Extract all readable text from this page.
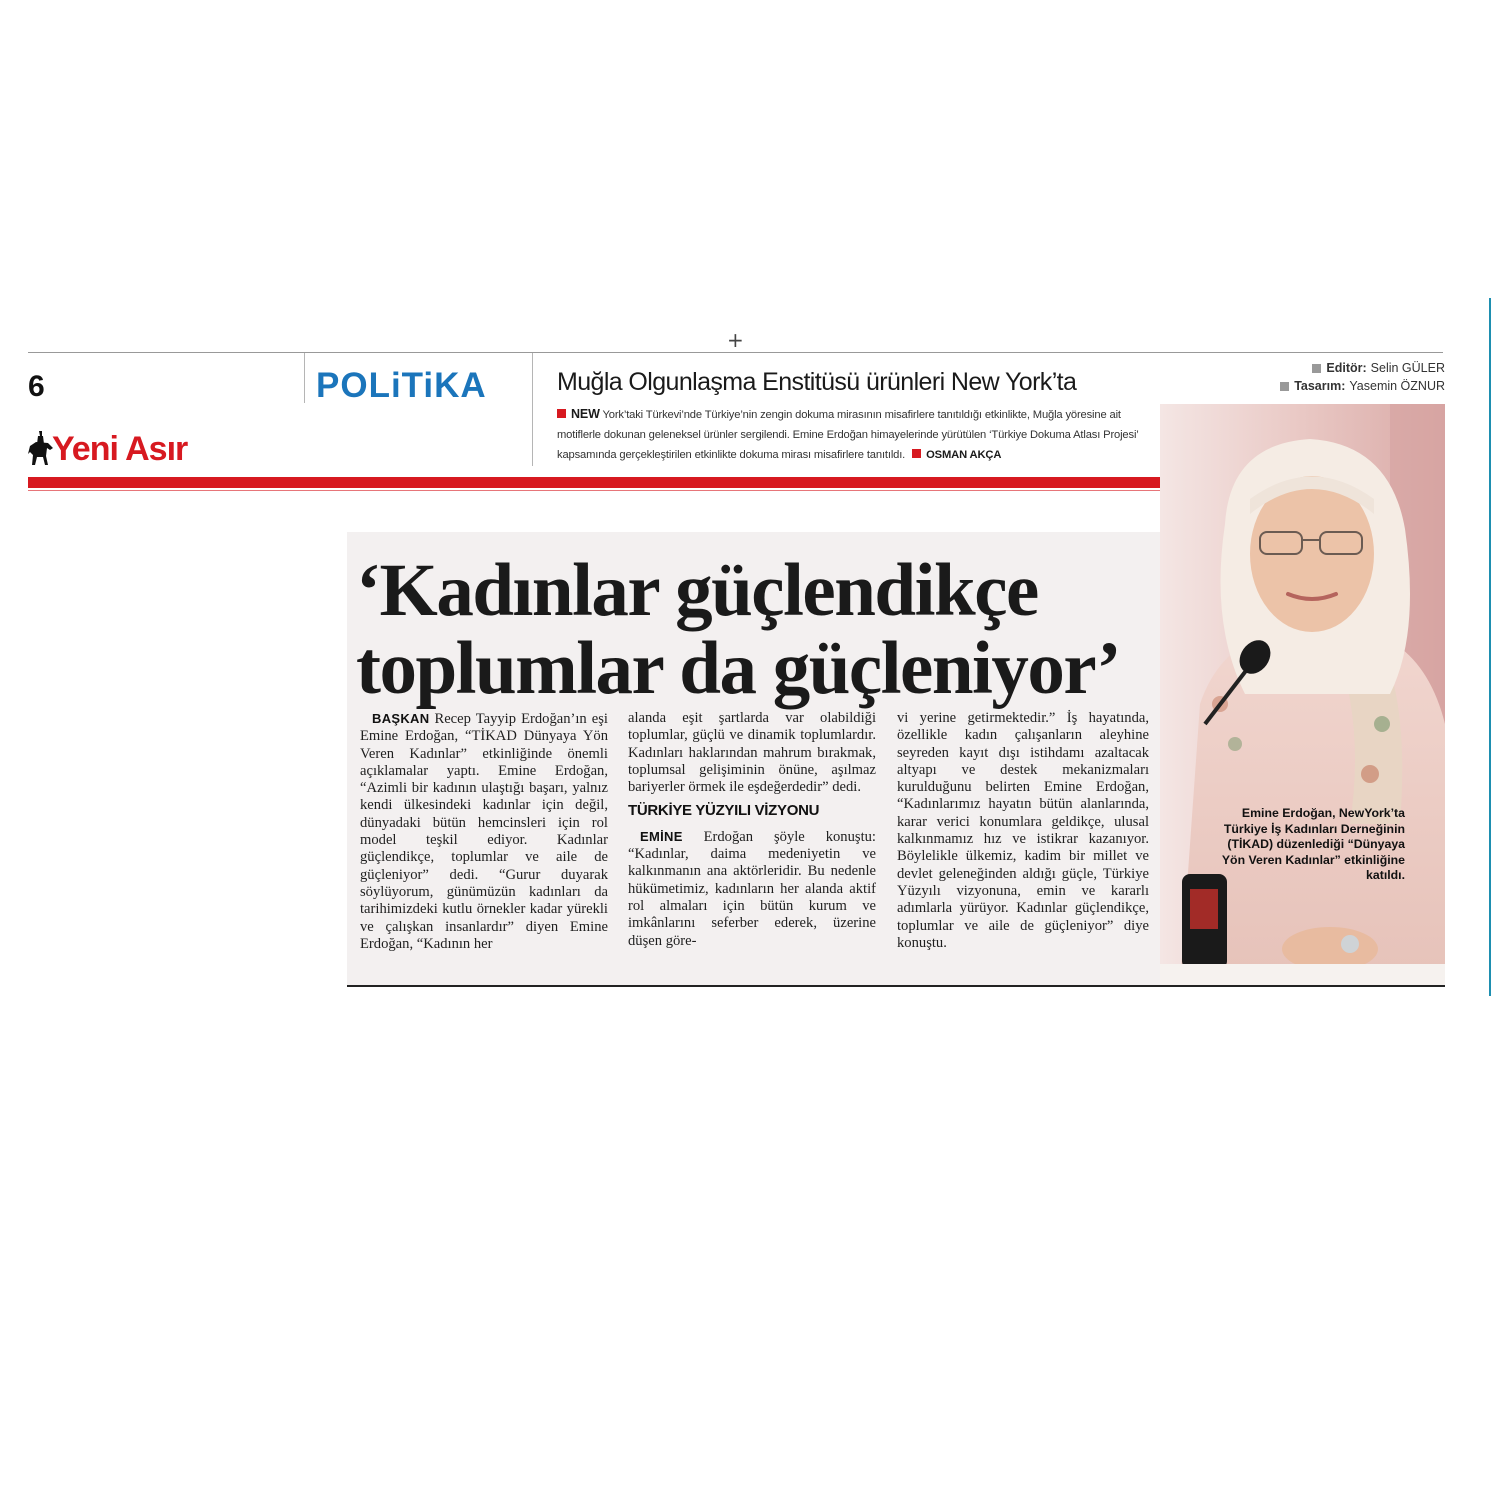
+
6
Yeni Asır
POLiTiKA	Muğla Olgunlaşma Enstitüsü ürünleri New York’ta
NEW York’taki Türkevi’nde Türkiye’nin zengin dokuma mirasının misafirlere tanıtıldığı etkinlikte, Muğla yöresine ait motiflerle dokunan geleneksel ürünler sergilendi. Emine Erdoğan himayelerinde yürütülen ‘Türkiye Dokuma Atlası Projesi’ kapsamında gerçekleştirilen etkinlikte dokuma mirası misafirlere tanıtıldı. OSMAN AKÇA
Editör: Selin GÜLER
Tasarım: Yasemin ÖZNUR
‘Kadınlar güçlendikçe
toplumlar da güçleniyor’

BAŞKAN Recep Tayyip Erdoğan’ın eşi Emine Erdoğan, “TİKAD Dünyaya Yön Veren Kadınlar” etkinliğinde önemli açıklamalar yaptı. Emine Erdoğan, “Azimli bir kadının ulaştığı başarı, yalnız kendi ülkesindeki kadınlar için değil, dünyadaki bütün hemcinsleri için rol model teşkil ediyor. Kadınlar güçlendikçe, toplumlar ve aile de güçleniyor” dedi. “Gurur duyarak söylüyorum, günümüzün kadınları da tarihimizdeki kutlu örnekler kadar yürekli ve çalışkan insanlardır” diyen Emine Erdoğan, “Kadının her

alanda eşit şartlarda var olabildiği toplumlar, güçlü ve dinamik toplumlardır. Kadınları haklarından mahrum bırakmak, toplumsal gelişiminin önüne, aşılmaz bariyerler örmek ile eşdeğerdedir” dedi.

TÜRKİYE YÜZYILI VİZYONU

EMİNE Erdoğan şöyle konuştu: “Kadınlar, daima medeniyetin ve kalkınmanın ana aktörleridir. Bu nedenle hükümetimiz, kadınların her alanda aktif rol almaları için bütün kurum ve imkânlarını seferber ederek, üzerine düşen göre-

vi yerine getirmektedir.” İş hayatında, özellikle kadın çalışanların aleyhine seyreden kayıt dışı istihdamı azaltacak altyapı ve destek mekanizmaları kurulduğunu belirten Emine Erdoğan, “Kadınlarımız hayatın bütün alanlarında, karar verici konumlara geldikçe, ulusal kalkınmamız hız ve istikrar kazanıyor. Böylelikle ülkemiz, kadim bir millet ve devlet geleneğinden aldığı güçle, Türkiye Yüzyılı vizyonuna, emin ve kararlı adımlarla yürüyor. Kadınlar güçlendikçe, toplumlar ve aile de güçleniyor” diye konuştu.

Emine Erdoğan, NewYork’ta Türkiye İş Kadınları Derneğinin (TİKAD) düzenlediği “Dünyaya Yön Veren Kadınlar” etkinliğine katıldı.
